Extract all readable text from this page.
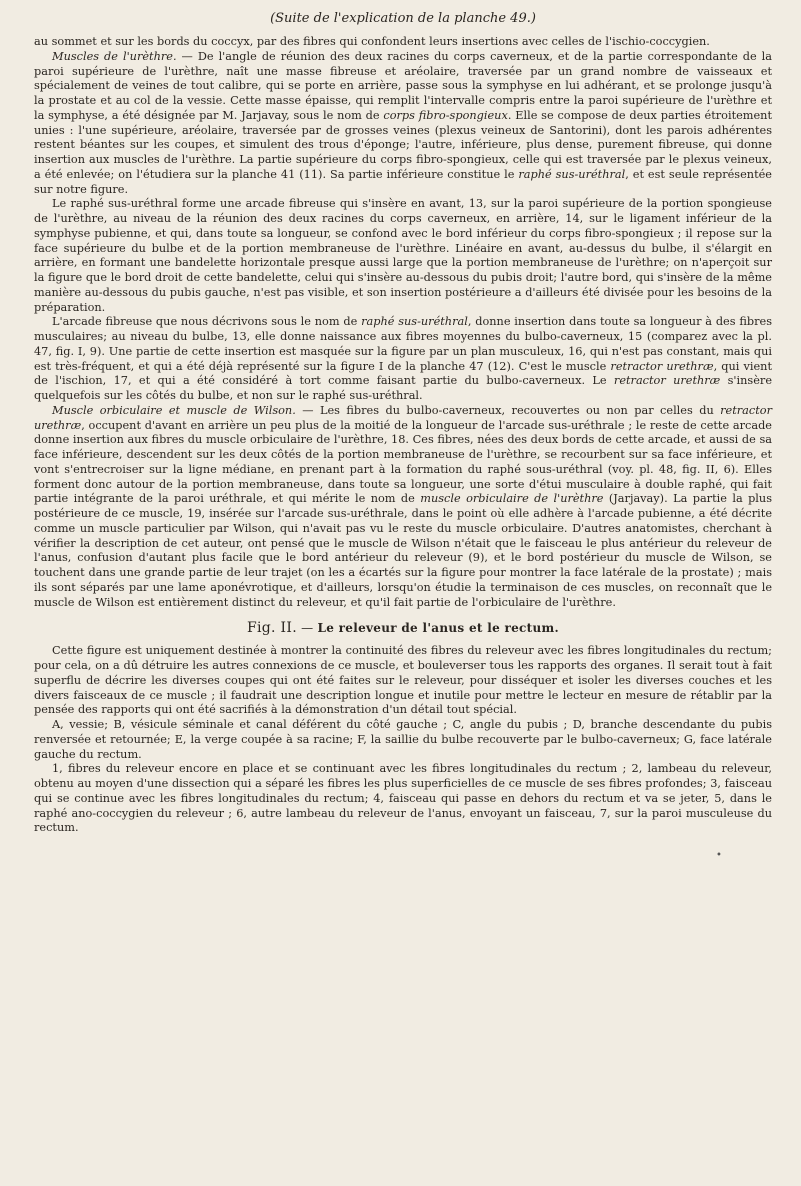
(Suite de l'explication de la planche 49.)

au sommet et sur les bords du coccyx, par des fibres qui confondent leurs insertions avec celles de l'ischio-coccygien.

Muscles de l'urèthre. — De l'angle de réunion des deux racines du corps caverneux, et de la partie correspondante de la paroi supérieure de l'urèthre, naît une masse fibreuse et aréolaire, traversée par un grand nombre de vaisseaux et spécialement de veines de tout calibre, qui se porte en arrière, passe sous la symphyse en lui adhérant, et se prolonge jusqu'à la prostate et au col de la vessie. Cette masse épaisse, qui remplit l'intervalle compris entre la paroi supérieure de l'urèthre et la symphyse, a été désignée par M. Jarjavay, sous le nom de corps fibro-spongieux. Elle se compose de deux parties étroitement unies : l'une supérieure, aréolaire, traversée par de grosses veines (plexus veineux de Santorini), dont les parois adhérentes restent béantes sur les coupes, et simulent des trous d'éponge; l'autre, inférieure, plus dense, purement fibreuse, qui donne insertion aux muscles de l'urèthre. La partie supérieure du corps fibro-spongieux, celle qui est traversée par le plexus veineux, a été enlevée; on l'étudiera sur la planche 41 (11). Sa partie inférieure constitue le raphé sus-uréthral, et est seule représentée sur notre figure.

Le raphé sus-uréthral forme une arcade fibreuse qui s'insère en avant, 13, sur la paroi supérieure de la portion spongieuse de l'urèthre, au niveau de la réunion des deux racines du corps caverneux, en arrière, 14, sur le ligament inférieur de la symphyse pubienne, et qui, dans toute sa longueur, se confond avec le bord inférieur du corps fibro-spongieux ; il repose sur la face supérieure du bulbe et de la portion membraneuse de l'urèthre. Linéaire en avant, au-dessus du bulbe, il s'élargit en arrière, en formant une bandelette horizontale presque aussi large que la portion membraneuse de l'urèthre; on n'aperçoit sur la figure que le bord droit de cette bandelette, celui qui s'insère au-dessous du pubis droit; l'autre bord, qui s'insère de la même manière au-dessous du pubis gauche, n'est pas visible, et son insertion postérieure a d'ailleurs été divisée pour les besoins de la préparation.

L'arcade fibreuse que nous décrivons sous le nom de raphé sus-uréthral, donne insertion dans toute sa longueur à des fibres musculaires; au niveau du bulbe, 13, elle donne naissance aux fibres moyennes du bulbo-caverneux, 15 (comparez avec la pl. 47, fig. I, 9). Une partie de cette insertion est masquée sur la figure par un plan musculeux, 16, qui n'est pas constant, mais qui est très-fréquent, et qui a été déjà représenté sur la figure I de la planche 47 (12). C'est le muscle retractor urethræ, qui vient de l'ischion, 17, et qui a été considéré à tort comme faisant partie du bulbo-caverneux. Le retractor urethræ s'insère quelquefois sur les côtés du bulbe, et non sur le raphé sus-uréthral.

Muscle orbiculaire et muscle de Wilson. — Les fibres du bulbo-caverneux, recouvertes ou non par celles du retractor urethræ, occupent d'avant en arrière un peu plus de la moitié de la longueur de l'arcade sus-uréthrale ; le reste de cette arcade donne insertion aux fibres du muscle orbiculaire de l'urèthre, 18. Ces fibres, nées des deux bords de cette arcade, et aussi de sa face inférieure, descendent sur les deux côtés de la portion membraneuse de l'urèthre, se recourbent sur sa face inférieure, et vont s'entrecroiser sur la ligne médiane, en prenant part à la formation du raphé sous-uréthral (voy. pl. 48, fig. II, 6). Elles forment donc autour de la portion membraneuse, dans toute sa longueur, une sorte d'étui musculaire à double raphé, qui fait partie intégrante de la paroi uréthrale, et qui mérite le nom de muscle orbiculaire de l'urèthre (Jarjavay). La partie la plus postérieure de ce muscle, 19, insérée sur l'arcade sus-uréthrale, dans le point où elle adhère à l'arcade pubienne, a été décrite comme un muscle particulier par Wilson, qui n'avait pas vu le reste du muscle orbiculaire. D'autres anatomistes, cherchant à vérifier la description de cet auteur, ont pensé que le muscle de Wilson n'était que le faisceau le plus antérieur du releveur de l'anus, confusion d'autant plus facile que le bord antérieur du releveur (9), et le bord postérieur du muscle de Wilson, se touchent dans une grande partie de leur trajet (on les a écartés sur la figure pour montrer la face latérale de la prostate) ; mais ils sont séparés par une lame aponévrotique, et d'ailleurs, lorsqu'on étudie la terminaison de ces muscles, on reconnaît que le muscle de Wilson est entièrement distinct du releveur, et qu'il fait partie de l'orbiculaire de l'urèthre.

Fig. II. — Le releveur de l'anus et le rectum.

Cette figure est uniquement destinée à montrer la continuité des fibres du releveur avec les fibres longitudinales du rectum; pour cela, on a dû détruire les autres connexions de ce muscle, et bouleverser tous les rapports des organes. Il serait tout à fait superflu de décrire les diverses coupes qui ont été faites sur le releveur, pour disséquer et isoler les diverses couches et les divers faisceaux de ce muscle ; il faudrait une description longue et inutile pour mettre le lecteur en mesure de rétablir par la pensée des rapports qui ont été sacrifiés à la démonstration d'un détail tout spécial.

A, vessie; B, vésicule séminale et canal déférent du côté gauche ; C, angle du pubis ; D, branche descendante du pubis renversée et retournée; E, la verge coupée à sa racine; F, la saillie du bulbe recouverte par le bulbo-caverneux; G, face latérale gauche du rectum.

1, fibres du releveur encore en place et se continuant avec les fibres longitudinales du rectum ; 2, lambeau du releveur, obtenu au moyen d'une dissection qui a séparé les fibres les plus superficielles de ce muscle de ses fibres profondes; 3, faisceau qui se continue avec les fibres longitudinales du rectum; 4, faisceau qui passe en dehors du rectum et va se jeter, 5, dans le raphé ano-coccygien du releveur ; 6, autre lambeau du releveur de l'anus, envoyant un faisceau, 7, sur la paroi musculeuse du rectum.

•
